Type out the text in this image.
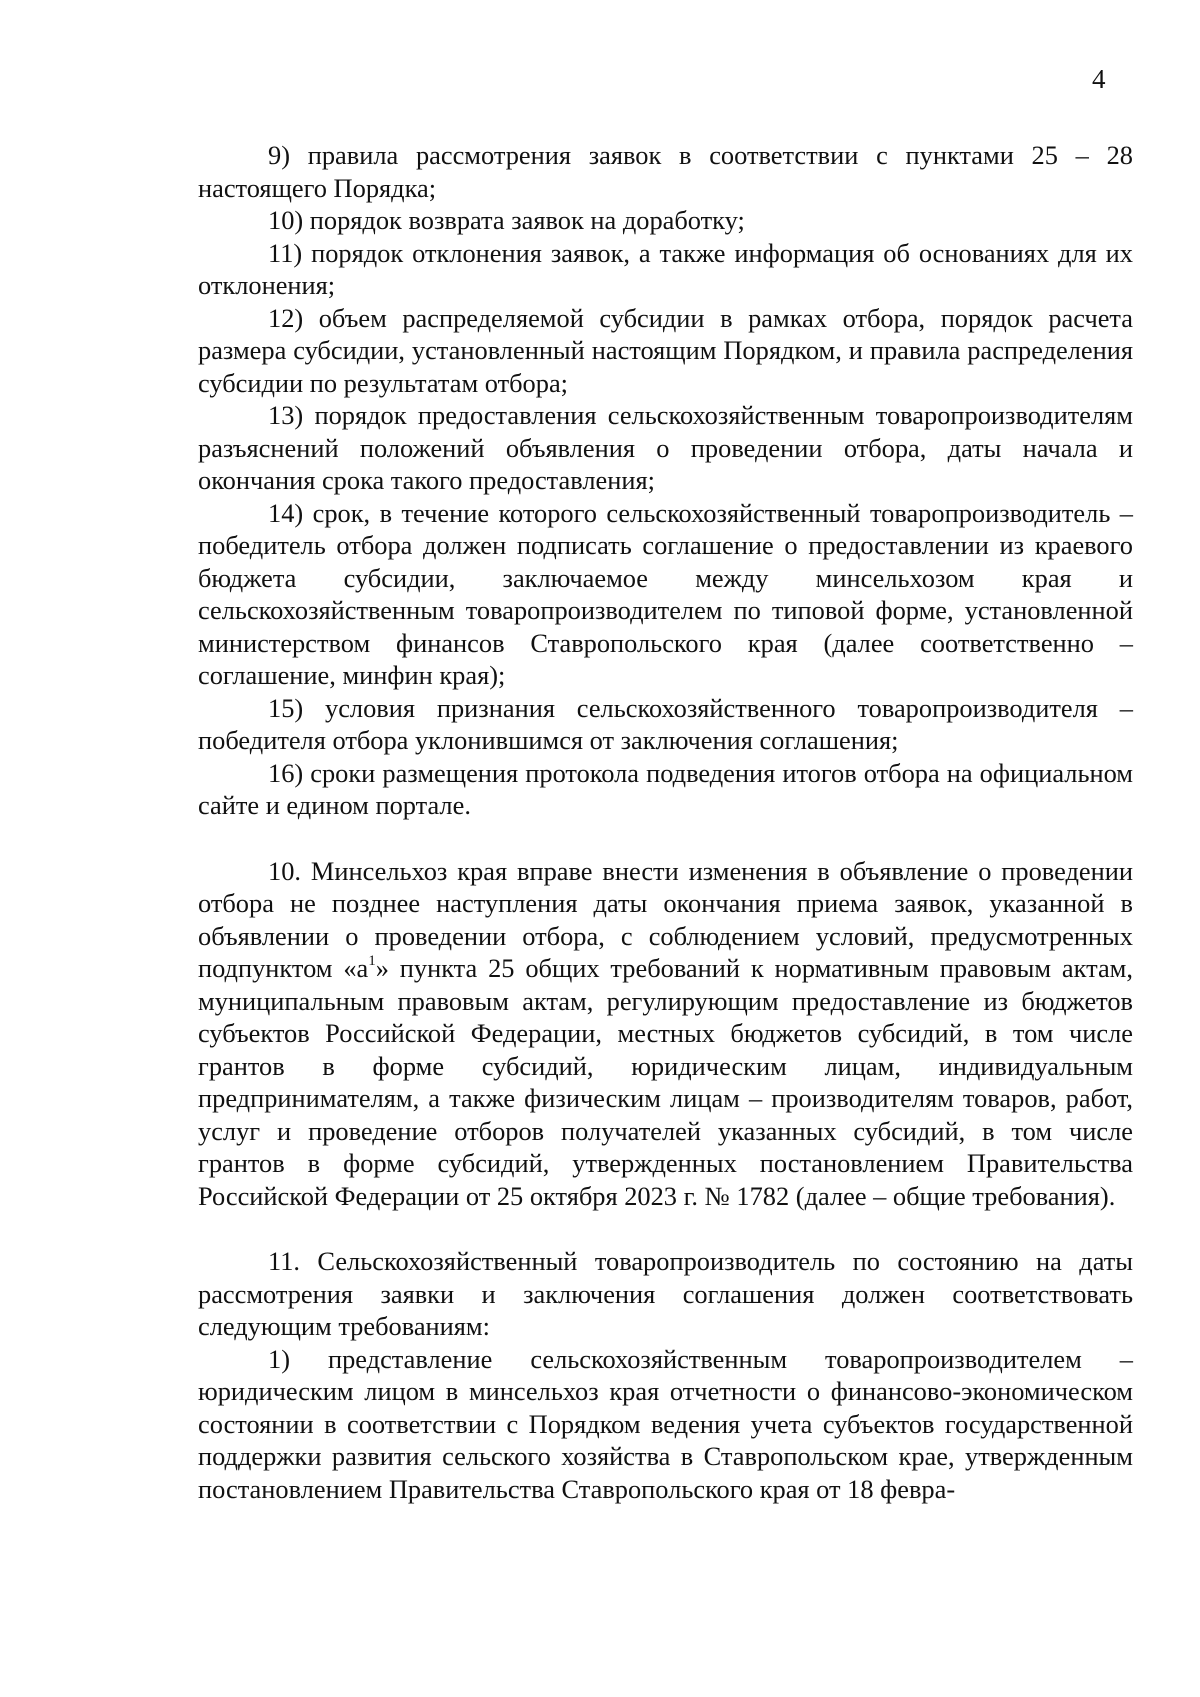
4

9) правила рассмотрения заявок в соответствии с пунктами 25 – 28 настоящего Порядка;

10) порядок возврата заявок на доработку;

11) порядок отклонения заявок, а также информация об основаниях для их отклонения;

12) объем распределяемой субсидии в рамках отбора, порядок расчета размера субсидии, установленный настоящим Порядком, и правила распределения субсидии по результатам отбора;

13) порядок предоставления сельскохозяйственным товаропроизводителям разъяснений положений объявления о проведении отбора, даты начала и окончания срока такого предоставления;

14) срок, в течение которого сельскохозяйственный товаропроизводитель – победитель отбора должен подписать соглашение о предоставлении из краевого бюджета субсидии, заключаемое между минсельхозом края и сельскохозяйственным товаропроизводителем по типовой форме, установленной министерством финансов Ставропольского края (далее соответственно – соглашение, минфин края);

15) условия признания сельскохозяйственного товаропроизводителя – победителя отбора уклонившимся от заключения соглашения;

16) сроки размещения протокола подведения итогов отбора на официальном сайте и едином портале.

10. Минсельхоз края вправе внести изменения в объявление о проведении отбора не позднее наступления даты окончания приема заявок, указанной в объявлении о проведении отбора, с соблюдением условий, предусмотренных подпунктом «$а^1$» пункта 25 общих требований к нормативным правовым актам, муниципальным правовым актам, регулирующим предоставление из бюджетов субъектов Российской Федерации, местных бюджетов субсидий, в том числе грантов в форме субсидий, юридическим лицам, индивидуальным предпринимателям, а также физическим лицам – производителям товаров, работ, услуг и проведение отборов получателей указанных субсидий, в том числе грантов в форме субсидий, утвержденных постановлением Правительства Российской Федерации от 25 октября 2023 г. № 1782 (далее – общие требования).

11. Сельскохозяйственный товаропроизводитель по состоянию на даты рассмотрения заявки и заключения соглашения должен соответствовать следующим требованиям:

1) представление сельскохозяйственным товаропроизводителем – юридическим лицом в минсельхоз края отчетности о финансово-экономическом состоянии в соответствии с Порядком ведения учета субъектов государственной поддержки развития сельского хозяйства в Ставропольском крае, утвержденным постановлением Правительства Ставропольского края от 18 февра-
